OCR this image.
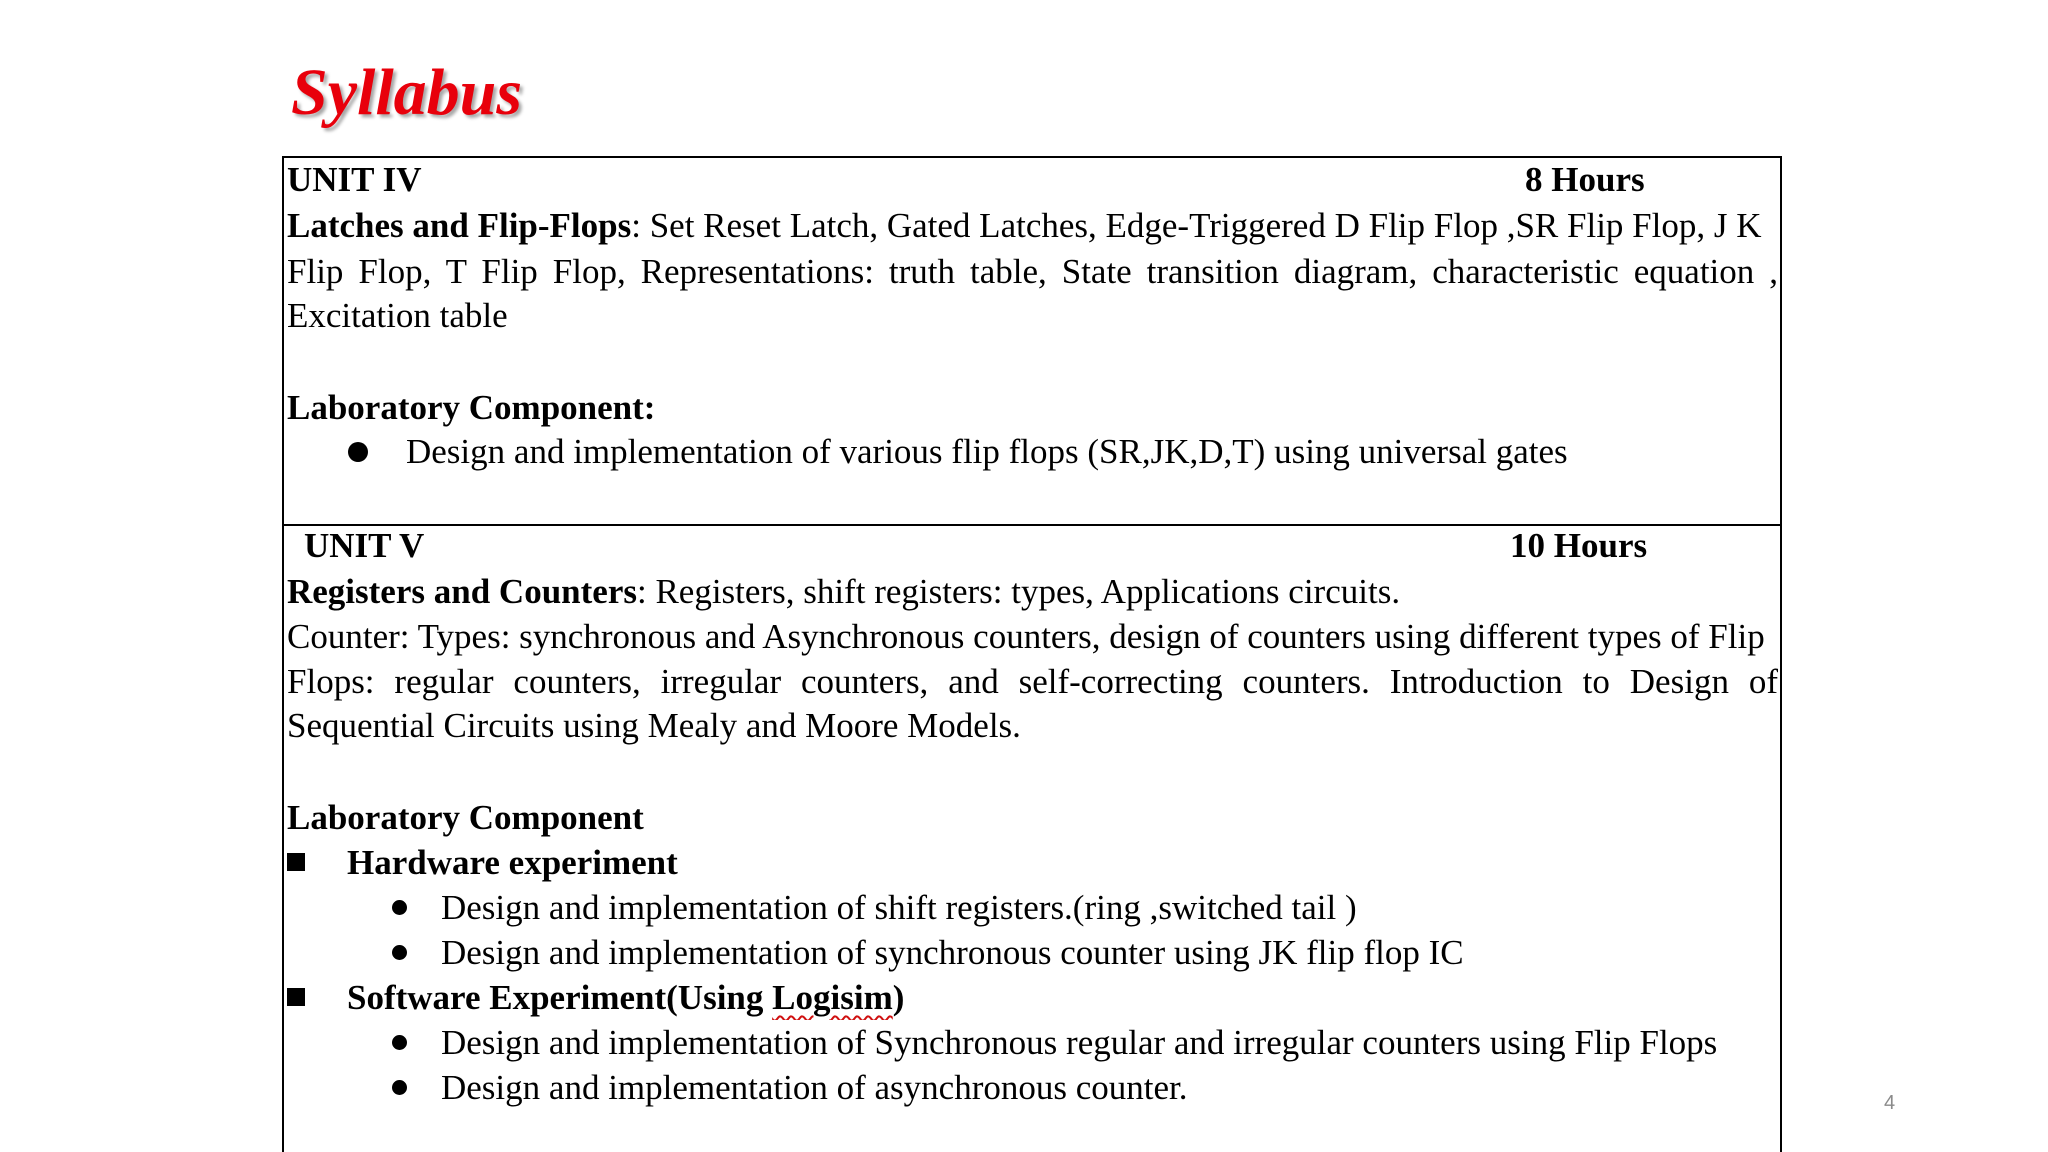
Syllabus
UNIT IV	8 Hours
Latches and Flip-Flops: Set Reset Latch, Gated Latches, Edge-Triggered D Flip Flop ,SR Flip Flop, J K
Flip Flop, T Flip Flop, Representations: truth table, State transition diagram, characteristic equation ,
Excitation table
Laboratory Component:
Design and implementation of various flip flops (SR,JK,D,T) using universal gates
UNIT V	10 Hours
Registers and Counters: Registers, shift registers: types, Applications circuits.
Counter: Types: synchronous and Asynchronous counters, design of counters using different types of Flip
Flops: regular counters, irregular counters, and self-correcting counters. Introduction to Design of
Sequential Circuits using Mealy and Moore Models.
Laboratory Component
Hardware experiment
Design and implementation of shift registers.(ring ,switched tail )
Design and implementation of synchronous counter using JK flip flop IC
Software Experiment(Using Logisim)
Design and implementation of Synchronous regular and irregular counters using Flip Flops
Design and implementation of asynchronous counter.	4
